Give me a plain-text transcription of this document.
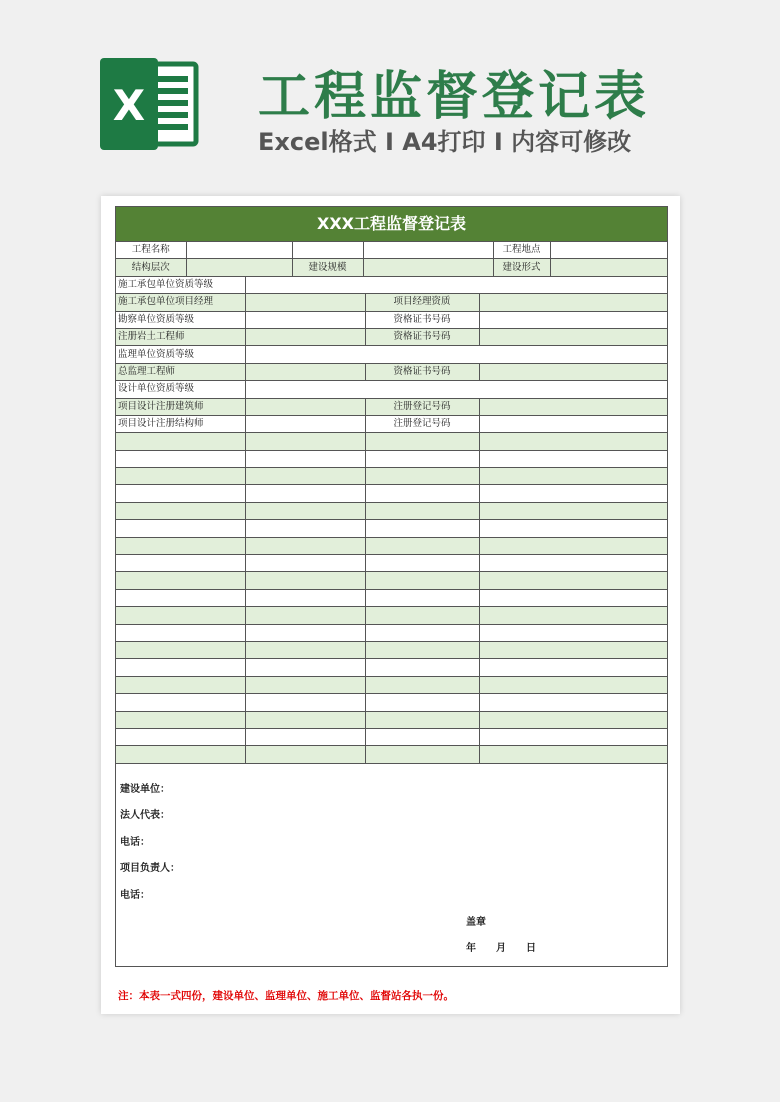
X 工程监督登记表
Excel格式 I A4打印 I 内容可修改
XXX工程监督登记表
工程名称				工程地点	
结构层次		建设规模		建设形式	
施工承包单位资质等级			
施工承包单位项目经理		项目经理资质	
勘察单位资质等级		资格证书号码	
注册岩土工程师		资格证书号码	
监理单位资质等级			
总监理工程师		资格证书号码	
设计单位资质等级			
项目设计注册建筑师		注册登记号码	
项目设计注册结构师		注册登记号码	

建设单位：
法人代表：
电话：
项目负责人：
电话：
盖章
年　　月　　日
注：本表一式四份，建设单位、监理单位、施工单位、监督站各执一份。
